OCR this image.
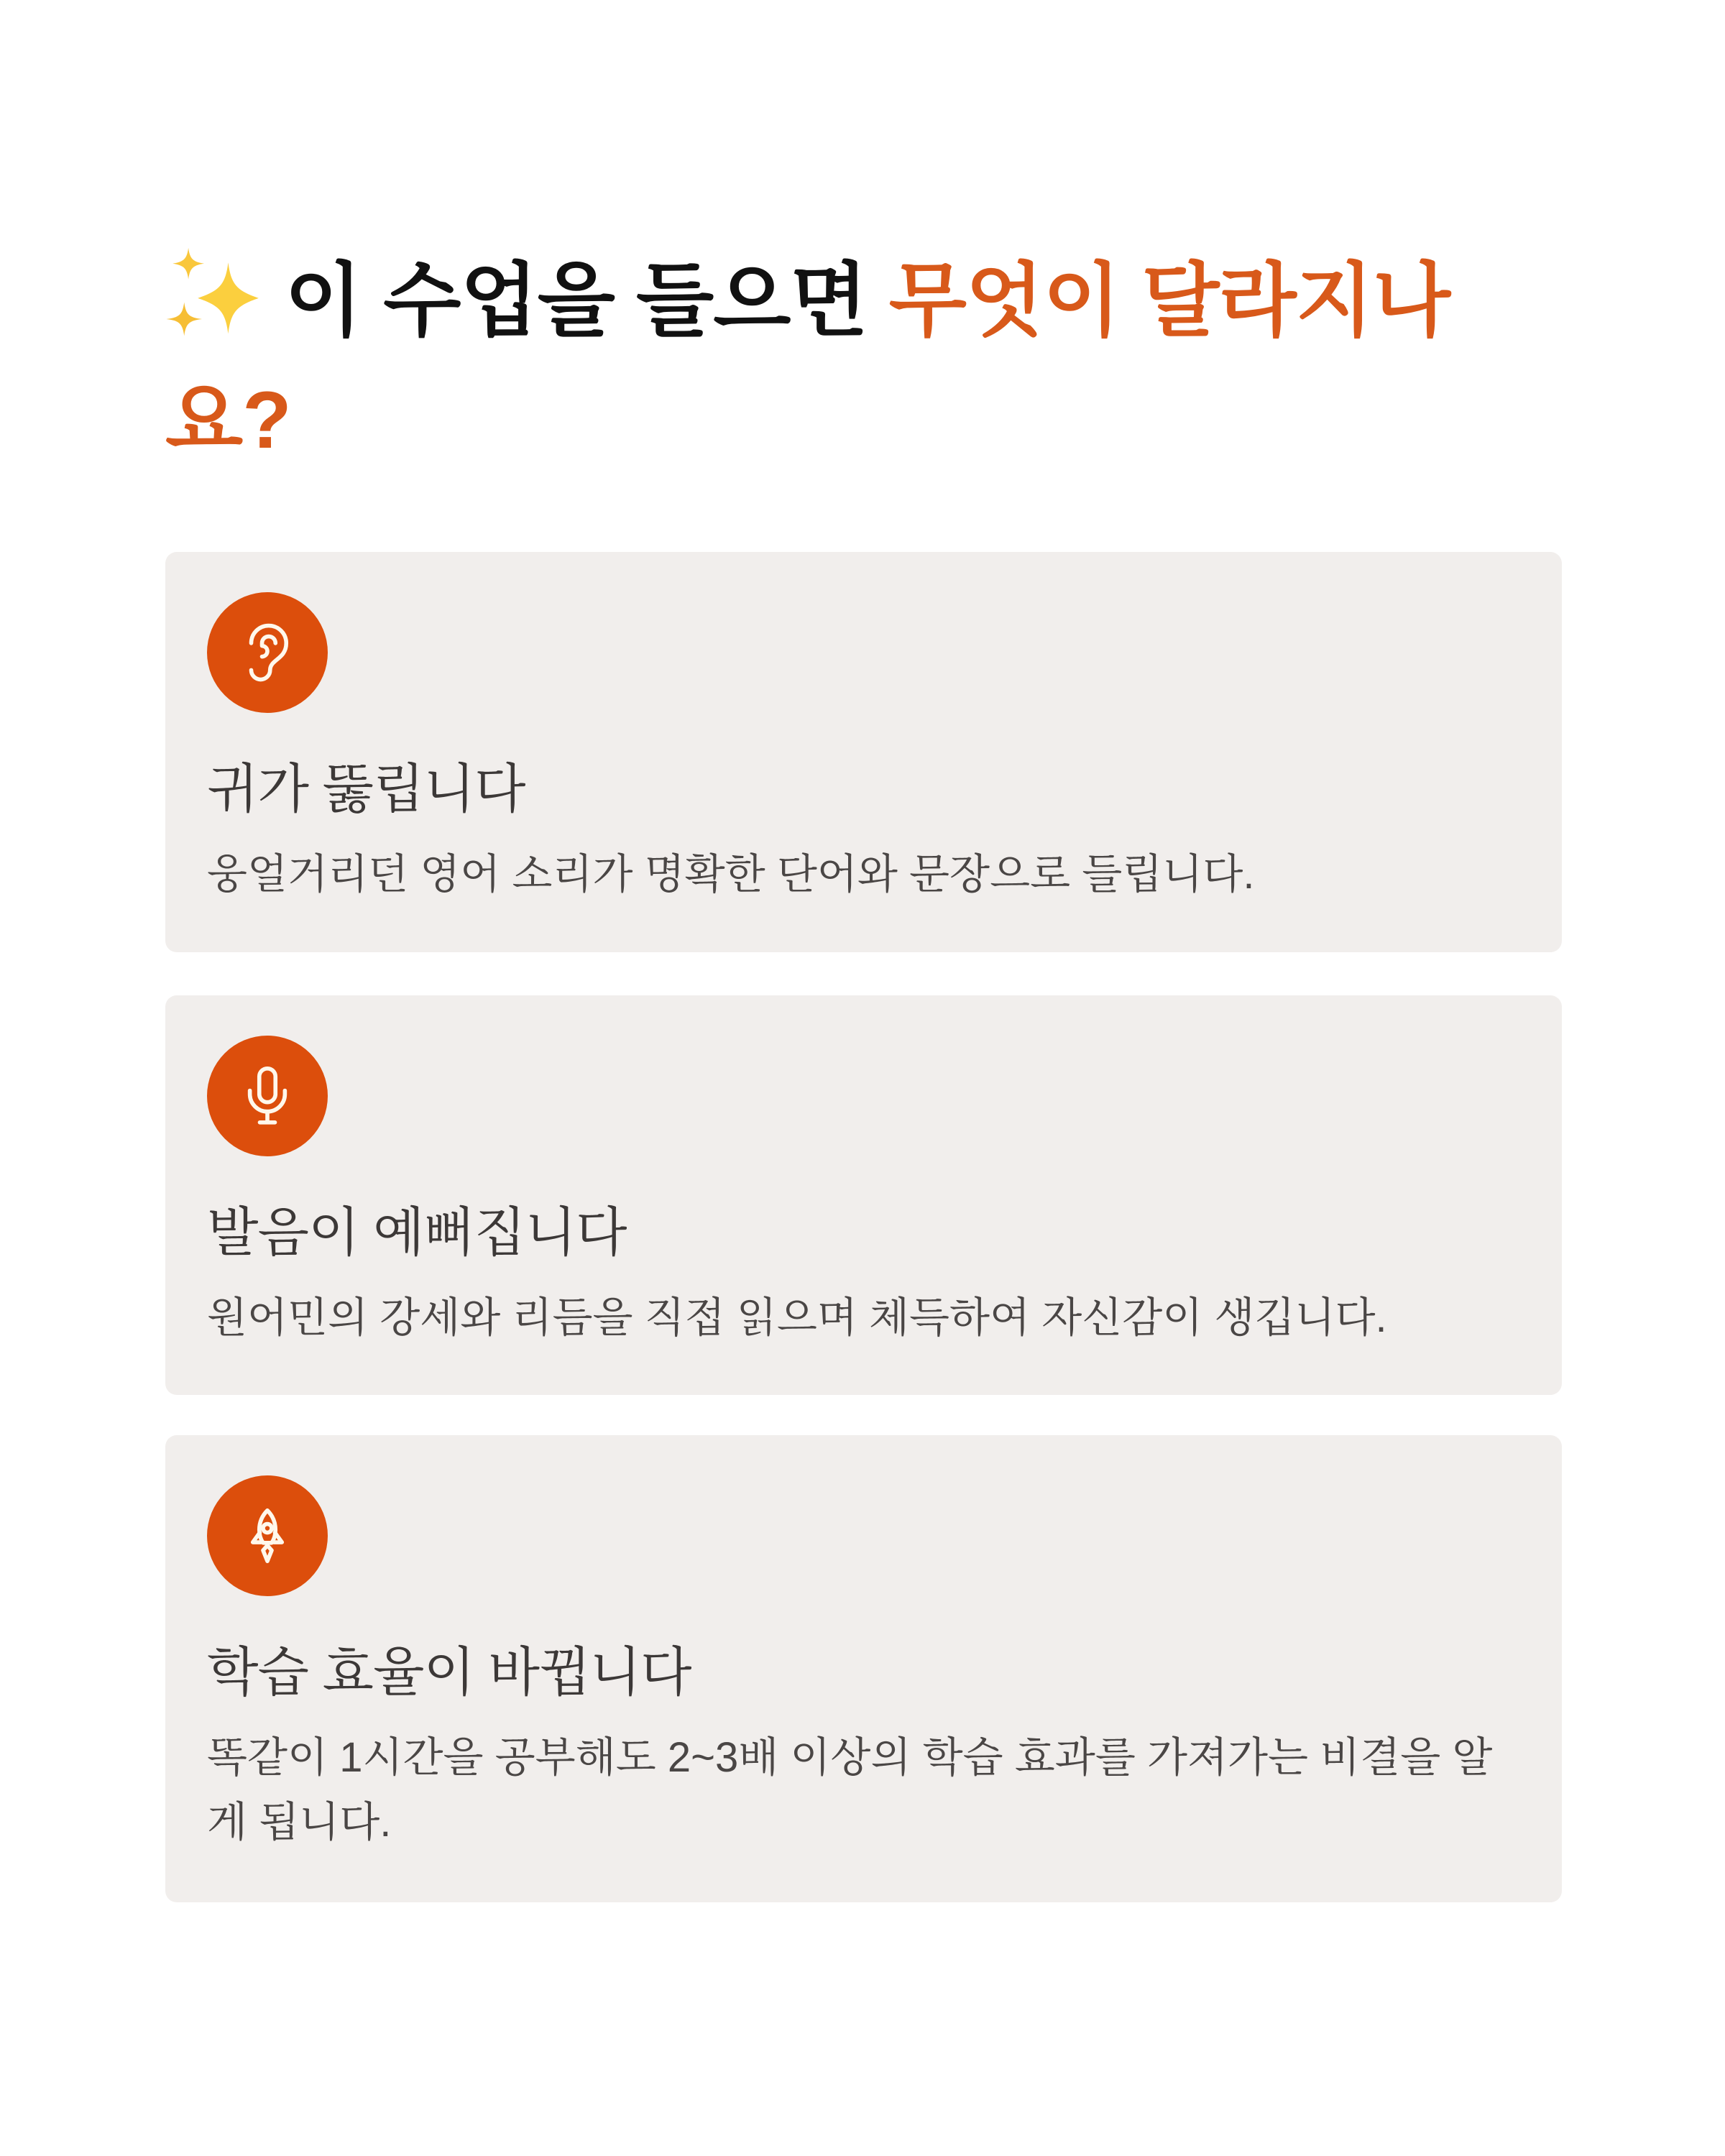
이 수업을 들으면 무엇이 달라지나요?
귀가 뚫립니다

웅얼거리던 영어 소리가 명확한 단어와 문장으로 들립니다.

발음이 예뻐집니다

원어민의 강세와 리듬을 직접 읽으며 체득하여 자신감이 생깁니다.

학습 효율이 바뀝니다

똑같이 1시간을 공부해도 2~3배 이상의 학습 효과를 가져가는 비결을 알게 됩니다.
